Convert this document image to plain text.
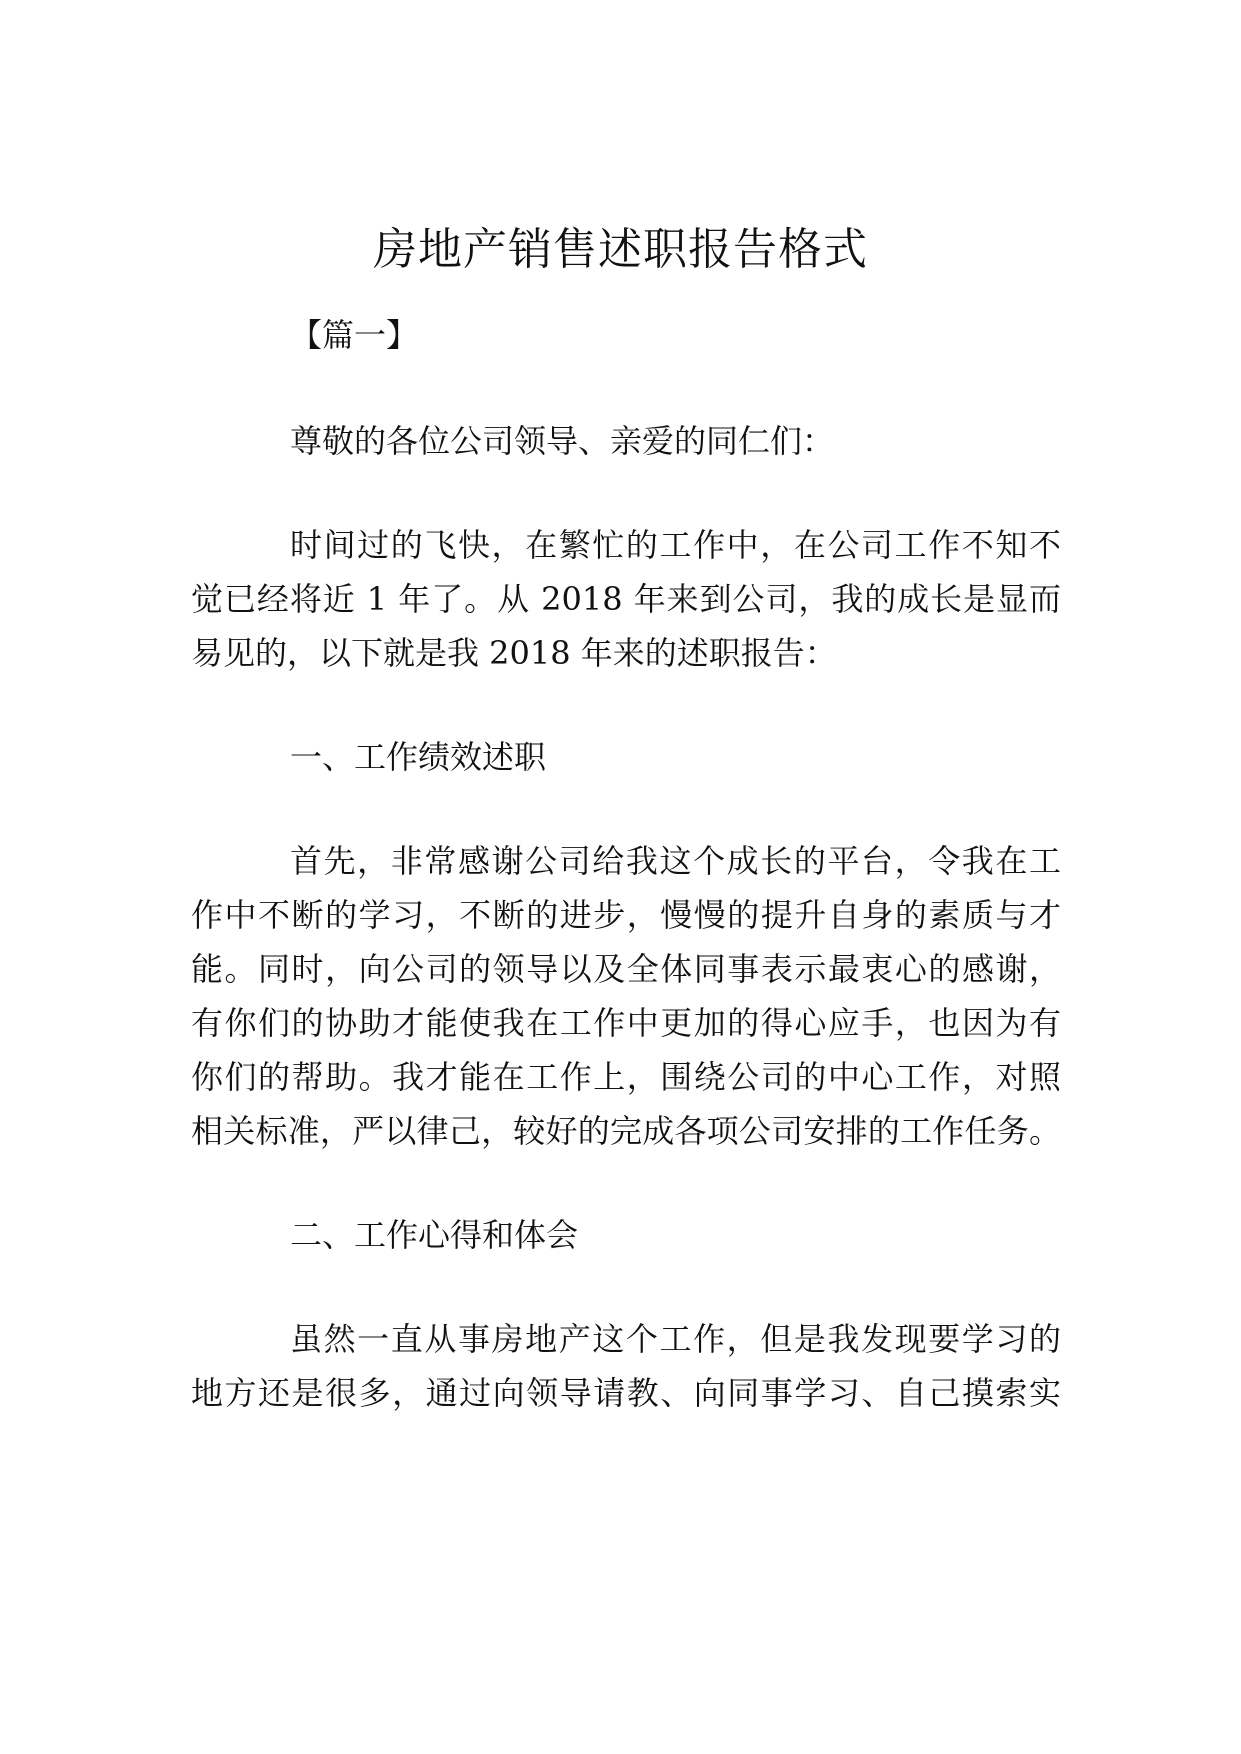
房地产销售述职报告格式
【篇一】
尊敬的各位公司领导、亲爱的同仁们：
时间过的飞快，在繁忙的工作中，在公司工作不知不
觉已经将近 1 年了。从 2018 年来到公司，我的成长是显而
易见的，以下就是我 2018 年来的述职报告：
一、工作绩效述职
首先，非常感谢公司给我这个成长的平台，令我在工
作中不断的学习，不断的进步，慢慢的提升自身的素质与才
能。同时，向公司的领导以及全体同事表示最衷心的感谢，
有你们的协助才能使我在工作中更加的得心应手，也因为有
你们的帮助。我才能在工作上，围绕公司的中心工作，对照
相关标准，严以律己，较好的完成各项公司安排的工作任务。
二、工作心得和体会
虽然一直从事房地产这个工作，但是我发现要学习的
地方还是很多，通过向领导请教、向同事学习、自己摸索实
